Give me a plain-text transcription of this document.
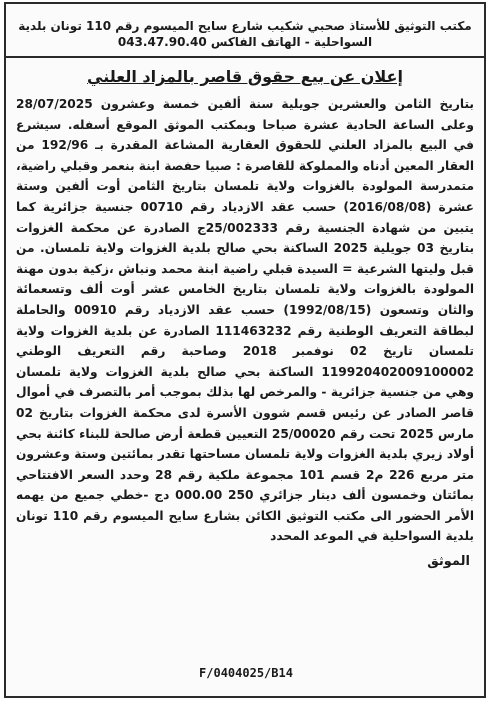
مكتب التوثيق للأستاذ صحبي شكيب شارع سايح الميسوم رقم 110 تونان بلدية السواحلية - الهاتف الفاكس 043.47.90.40
إعلان عن بيع حقوق قاصر بالمزاد العلني
بتاريخ الثامن والعشرين جويلية سنة ألفين خمسة وعشرون 28/07/2025 وعلى الساعة الحادية عشرة صباحا وبمكتب الموثق الموقع أسفله. سيشرع في البيع بالمزاد العلني للحقوق العقارية المشاعة المقدرة بـ 192/96 من العقار المعين أدناه والمملوكة للقاصرة : صبيا حفصة ابنة بنعمر وقبلي راضية، متمدرسة المولودة بالغزوات ولاية تلمسان بتاريخ الثامن أوت ألفين وستة عشرة (2016/08/08) حسب عقد الازدياد رقم 00710 جنسية جزائرية كما يتبين من شهادة الجنسية رقم 25/002333ج الصادرة عن محكمة الغزوات بتاريخ 03 جويلية 2025 الساكنة بحي صالح بلدية الغزوات ولاية تلمسان. من قبل وليتها الشرعية = السيدة قبلي راضية ابنة محمد ونباش ،زكية بدون مهنة المولودة بالغزوات ولاية تلمسان بتاريخ الخامس عشر أوت ألف وتسعمائة والثان وتسعون (1992/08/15) حسب عقد الازدياد رقم 00910 والحاملة لبطاقة التعريف الوطنية رقم 111463232 الصادرة عن بلدية الغزوات ولاية تلمسان تاريخ 02 نوفمبر 2018 وصاحبة رقم التعريف الوطني 119920402009100002 الساكنة بحي صالح بلدية الغزوات ولاية تلمسان وهي من جنسية جزائرية - والمرخص لها بذلك بموجب أمر بالتصرف في أموال قاصر الصادر عن رئيس قسم شوون الأسرة لدى محكمة الغزوات بتاريخ 02 مارس 2025 تحت رقم 25/00020 التعيين قطعة أرض صالحة للبناء كائنة بحي أولاد زيري بلدية الغزوات ولاية تلمسان مساحتها تقدر بمائتين وستة وعشرون متر مربع 226 م2 قسم 101 مجموعة ملكية رقم 28 وحدد السعر الافتتاحي بمائتان وخمسون ألف دينار جزائري 250 000.00 دج -خطي جميع من يهمه الأمر الحضور الى مكتب التوثيق الكائن بشارع سايح الميسوم رقم 110 تونان بلدية السواحلية في الموعد المحدد
الموثق
F/0404025/B14
